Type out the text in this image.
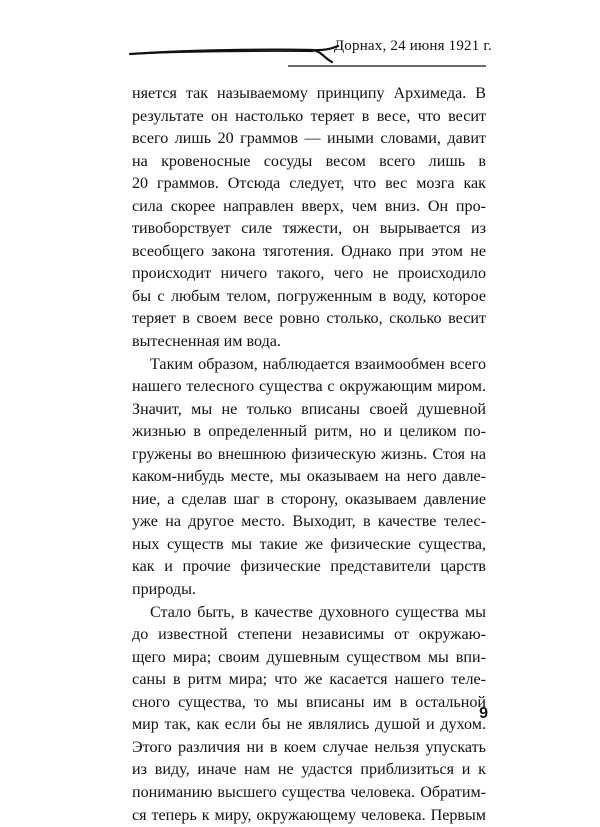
Дорнах, 24 июня 1921 г.

няется так называемому принципу Архимеда. В
результате он настолько теряет в весе, что весит
всего лишь 20 граммов — иными словами, давит
на кровеносные сосуды весом всего лишь в
20 граммов. Отсюда следует, что вес мозга как
сила скорее направлен вверх, чем вниз. Он про-
тивоборствует силе тяжести, он вырывается из
всеобщего закона тяготения. Однако при этом не
происходит ничего такого, чего не происходило
бы с любым телом, погруженным в воду, которое
теряет в своем весе ровно столько, сколько весит
вытесненная им вода.

Таким образом, наблюдается взаимообмен всего
нашего телесного существа с окружающим миром.
Значит, мы не только вписаны своей душевной
жизнью в определенный ритм, но и целиком по-
гружены во внешнюю физическую жизнь. Стоя на
каком-нибудь месте, мы оказываем на него давле-
ние, а сделав шаг в сторону, оказываем давление
уже на другое место. Выходит, в качестве телес-
ных существ мы такие же физические существа,
как и прочие физические представители царств
природы.

Стало быть, в качестве духовного существа мы
до известной степени независимы от окружаю-
щего мира; своим душевным существом мы впи-
саны в ритм мира; что же касается нашего теле-
сного существа, то мы вписаны им в остальной
мир так, как если бы не являлись душой и духом.
Этого различия ни в коем случае нельзя упускать
из виду, иначе нам не удастся приблизиться и к
пониманию высшего существа человека. Обратим-
ся теперь к миру, окружающему человека. Первым

9
